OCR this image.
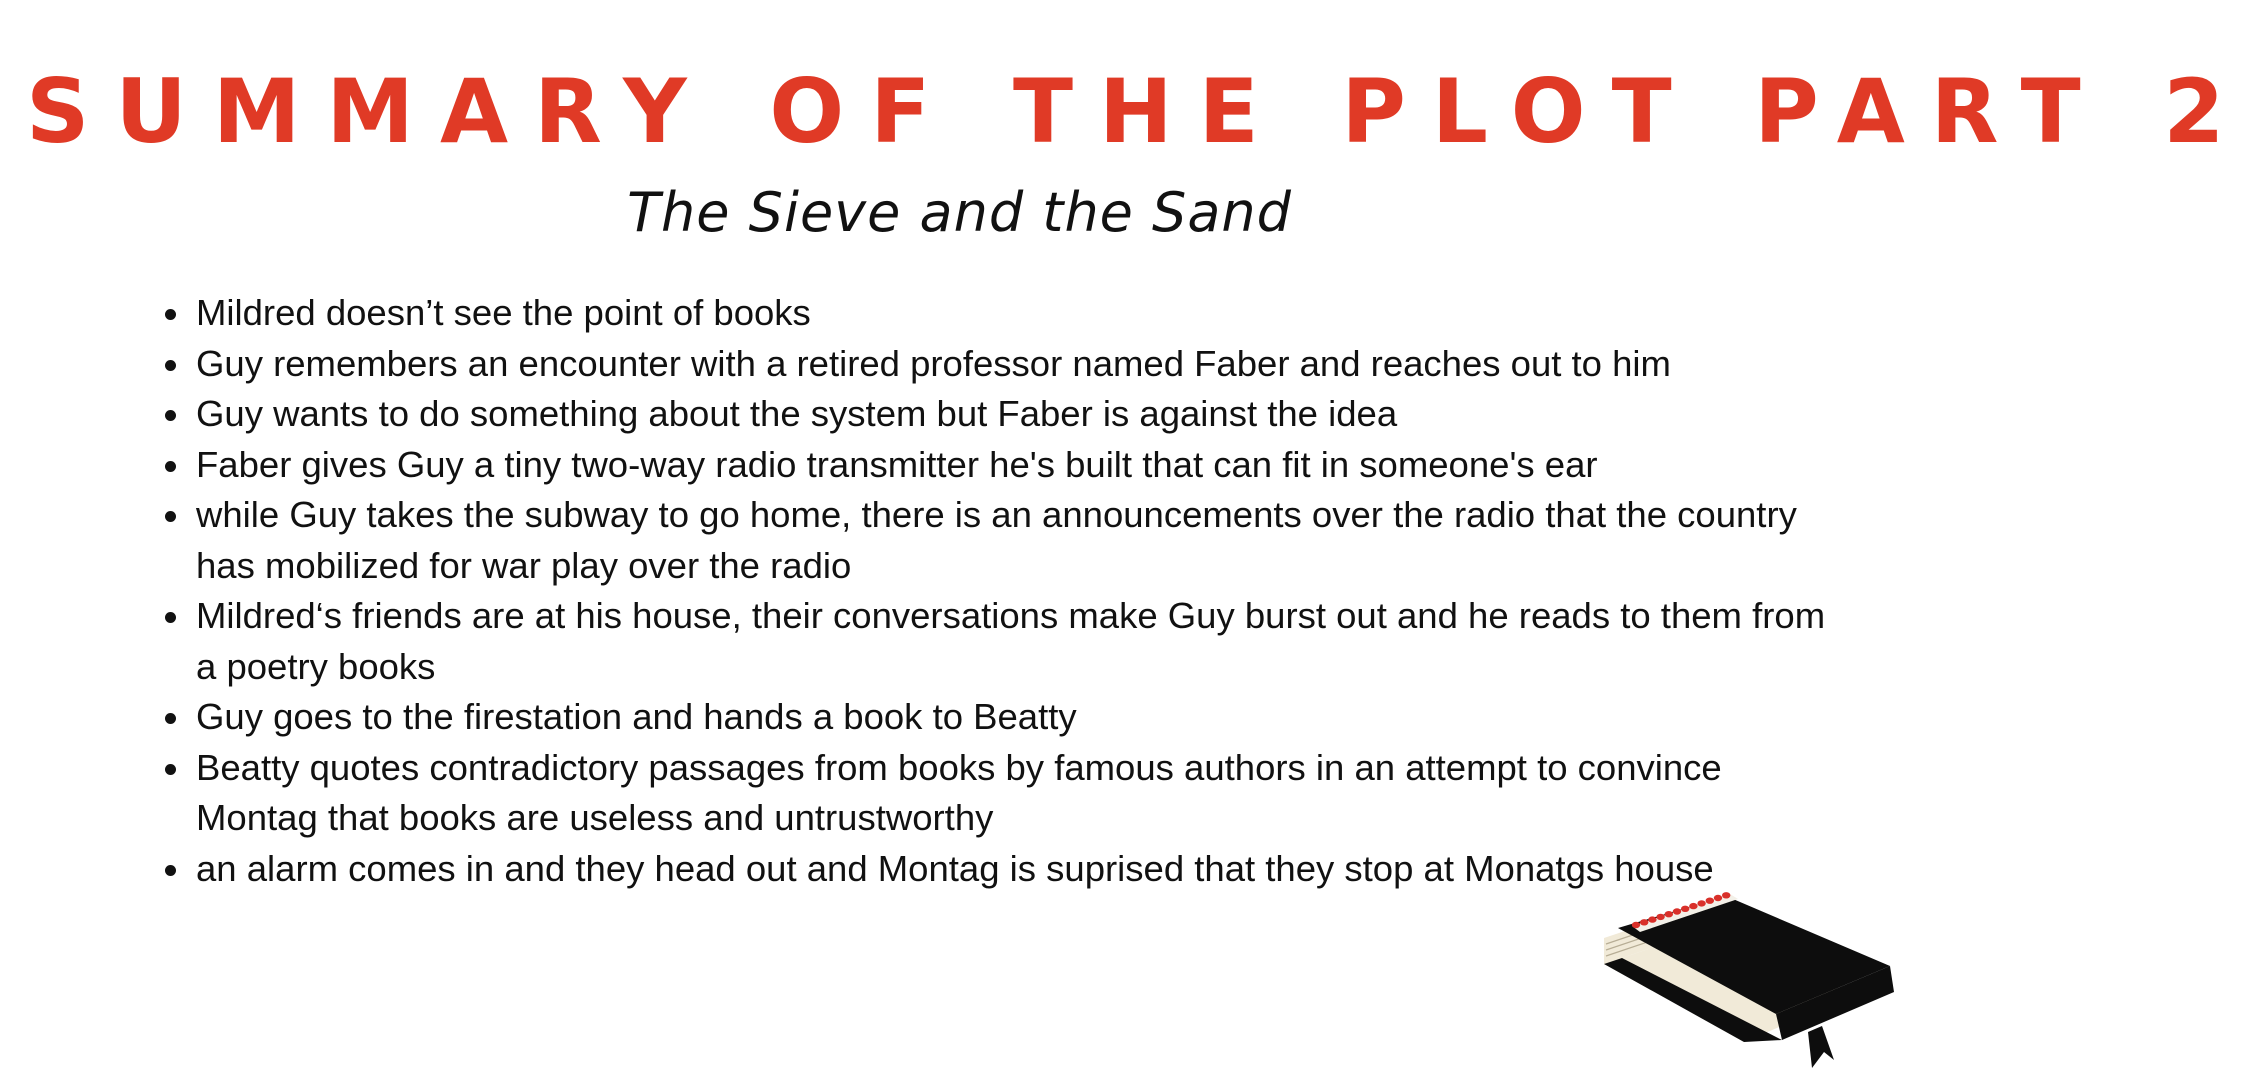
SUMMARY OF THE PLOT PART 2
The Sieve and the Sand
Mildred doesn’t see the point of books
Guy remembers an encounter with a retired professor named Faber and reaches out to him
Guy wants to do something about the system but Faber is against the idea
Faber gives Guy a tiny two-way radio transmitter he's built that can fit in someone's ear
while Guy takes the subway to go home, there is an announcements over the radio that the country has mobilized for war play over the radio
Mildred‘s friends are at his house, their conversations make Guy burst out and he reads to them from a poetry books
Guy goes to the firestation and hands a book to Beatty
Beatty quotes contradictory passages from books by famous authors in an attempt to convince Montag that books are useless and untrustworthy
an alarm comes in and they head out and Montag is suprised that they stop at Monatgs house
